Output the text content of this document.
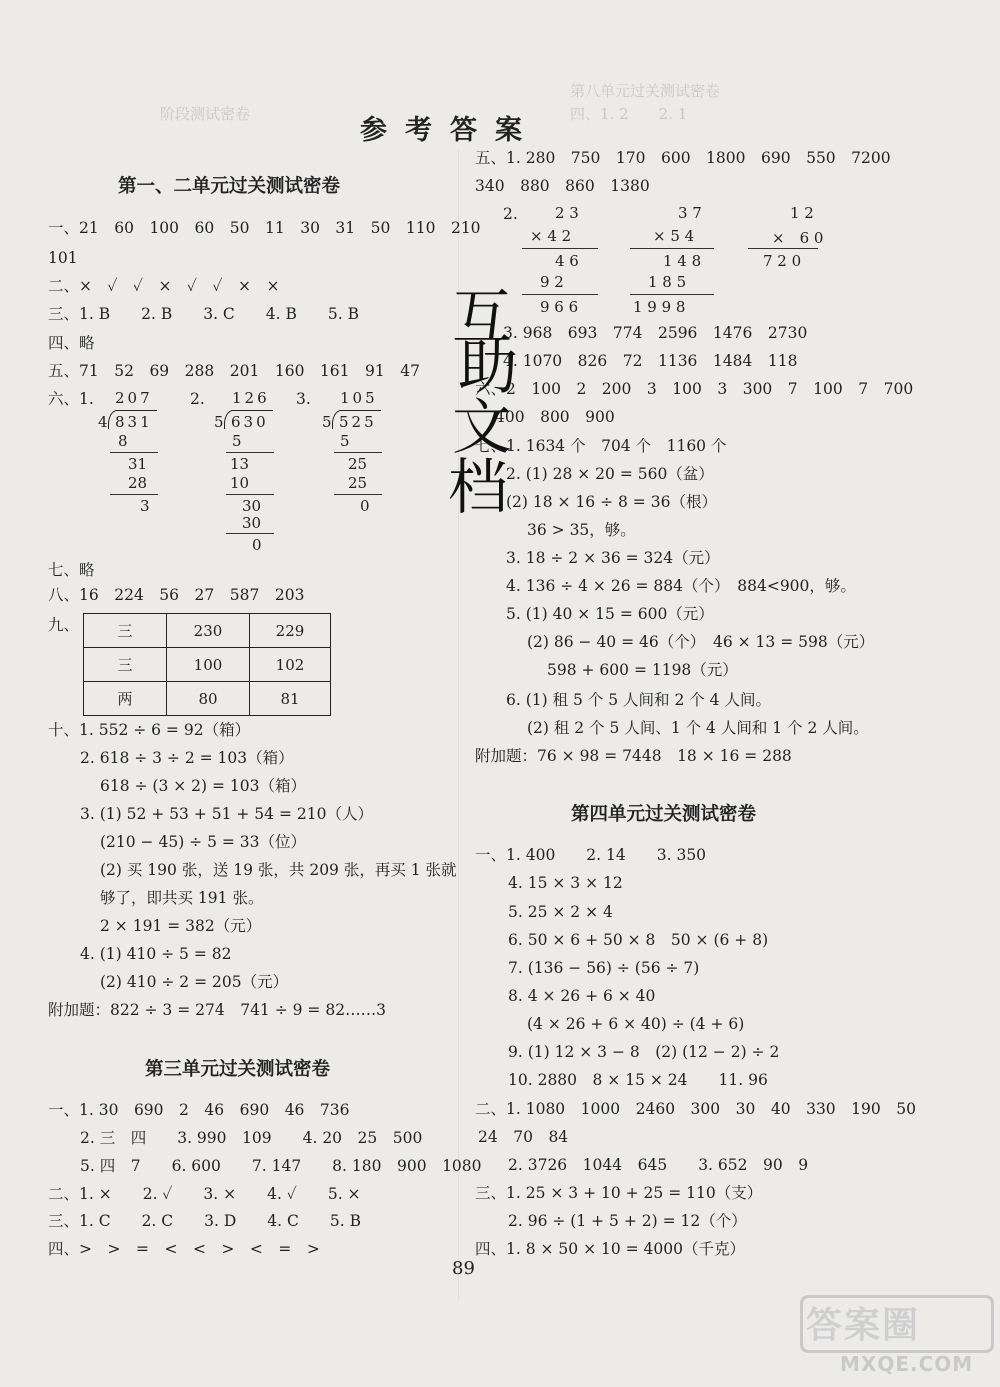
阶段测试密卷
第八单元过关测试密卷
四、1. 2　　2. 1
参考答案
第一、二单元过关测试密卷
一、21　60　100　60　50　11　30　31　50　110　210
101
二、×　✓　✓　×　✓　✓　×　×
三、1. B　　2. B　　3. C　　4. B　　5. B
四、略
五、71　52　69　288　201　160　161　91　47
六、1.	2.	3.
207
4 831
8
31
28
3
126
5 630
5
13
10
30
30
0
105
5 525
5
25
25
0
七、略
八、16　224　56　27　587　203
九、	三	230	229
三	100	102
两	80	81
十、1. 552 ÷ 6 = 92（箱）
2. 618 ÷ 3 ÷ 2 = 103（箱）
618 ÷ (3 × 2) = 103（箱）
3. (1) 52 + 53 + 51 + 54 = 210（人）
(210 − 45) ÷ 5 = 33（位）
(2) 买 190 张，送 19 张，共 209 张，再买 1 张就
够了，即共买 191 张。
2 × 191 = 382（元）
4. (1) 410 ÷ 5 = 82
(2) 410 ÷ 2 = 205（元）
附加题：822 ÷ 3 = 274　741 ÷ 9 = 82……3
第三单元过关测试密卷
一、1. 30　690　2　46　690　46　736
2. 三　四　　3. 990　109　　4. 20　25　500
5. 四　7　　6. 600　　7. 147　　8. 180　900　1080
二、1. ×　　2. ✓　　3. ×　　4. ✓　　5. ×
三、1. C　　2. C　　3. D　　4. C　　5. B
四、>　>　=　<　<　>　<　=　>
五、1. 280　750　170　600　1800　690　550　7200
340　880　860　1380
2. 2 3
× 4 2
4 6
9 2
9 6 6
3 7
× 5 4
1 4 8
1 8 5
1 9 9 8
1 2
×　6 0
7 2 0
3. 968　693　774　2596　1476　2730
4. 1070　826　72　1136　1484　118
六、2　100　2　200　3　100　3　300　7　100　7　700
400　800　900
七、1. 1634 个　704 个　1160 个
2. (1) 28 × 20 = 560（盆）
(2) 18 × 16 ÷ 8 = 36（根）
36 > 35，够。
3. 18 ÷ 2 × 36 = 324（元）
4. 136 ÷ 4 × 26 = 884（个）　884<900，够。
5. (1) 40 × 15 = 600（元）
(2) 86 − 40 = 46（个）　46 × 13 = 598（元）
598 + 600 = 1198（元）
6. (1) 租 5 个 5 人间和 2 个 4 人间。
(2) 租 2 个 5 人间、1 个 4 人间和 1 个 2 人间。
附加题：76 × 98 = 7448　18 × 16 = 288
第四单元过关测试密卷
一、1. 400　　2. 14　　3. 350
4. 15 × 3 × 12
5. 25 × 2 × 4
6. 50 × 6 + 50 × 8　50 × (6 + 8)
7. (136 − 56) ÷ (56 ÷ 7)
8. 4 × 26 + 6 × 40
(4 × 26 + 6 × 40) ÷ (4 + 6)
9. (1) 12 × 3 − 8　(2) (12 − 2) ÷ 2
10. 2880　8 × 15 × 24　　11. 96
二、1. 1080　1000　2460　300　30　40　330　190　50
24　70　84
2. 3726　1044　645　　3. 652　90　9
三、1. 25 × 3 + 10 + 25 = 110（支）
2. 96 ÷ (1 + 5 + 2) = 12（个）
四、1. 8 × 50 × 10 = 4000（千克）
互
助
文
档
89
答案圈
MXQE.COM
